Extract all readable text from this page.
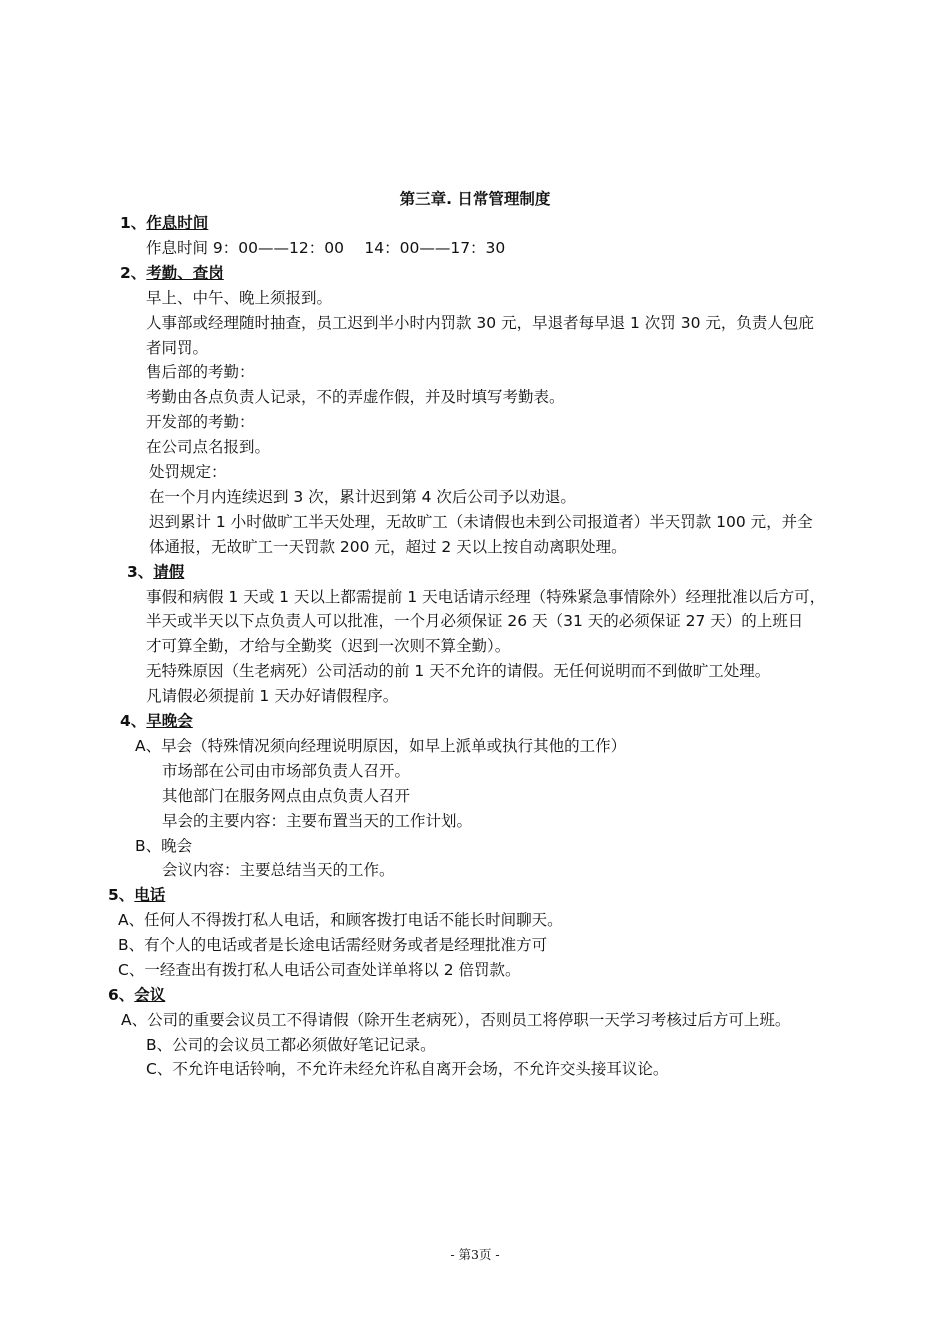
第三章. 日常管理制度
1、作息时间
作息时间 9：00——12：00　 14：00——17：30
2、考勤、查岗
早上、中午、晚上须报到。
人事部或经理随时抽查，员工迟到半小时内罚款 30 元，早退者每早退 1 次罚 30 元，负责人包庇
者同罚。
售后部的考勤：
考勤由各点负责人记录，不的弄虚作假，并及时填写考勤表。
开发部的考勤：
在公司点名报到。
处罚规定：
在一个月内连续迟到 3 次，累计迟到第 4 次后公司予以劝退。
迟到累计 1 小时做旷工半天处理，无故旷工（未请假也未到公司报道者）半天罚款 100 元，并全
体通报，无故旷工一天罚款 200 元，超过 2 天以上按自动离职处理。
3、请假
事假和病假 1 天或 1 天以上都需提前 1 天电话请示经理（特殊紧急事情除外）经理批准以后方可，
半天或半天以下点负责人可以批准，一个月必须保证 26 天（31 天的必须保证 27 天）的上班日
才可算全勤，才给与全勤奖（迟到一次则不算全勤）。
无特殊原因（生老病死）公司活动的前 1 天不允许的请假。无任何说明而不到做旷工处理。
凡请假必须提前 1 天办好请假程序。
4、早晚会
A、早会（特殊情况须向经理说明原因，如早上派单或执行其他的工作）
市场部在公司由市场部负责人召开。
其他部门在服务网点由点负责人召开
早会的主要内容：主要布置当天的工作计划。
B、晚会
会议内容：主要总结当天的工作。
5、电话
A、任何人不得拨打私人电话，和顾客拨打电话不能长时间聊天。
B、有个人的电话或者是长途电话需经财务或者是经理批准方可
C、一经查出有拨打私人电话公司查处详单将以 2 倍罚款。
6、会议
A、公司的重要会议员工不得请假（除开生老病死），否则员工将停职一天学习考核过后方可上班。
B、公司的会议员工都必须做好笔记记录。
C、不允许电话铃响，不允许未经允许私自离开会场，不允许交头接耳议论。
- 第3页 -
